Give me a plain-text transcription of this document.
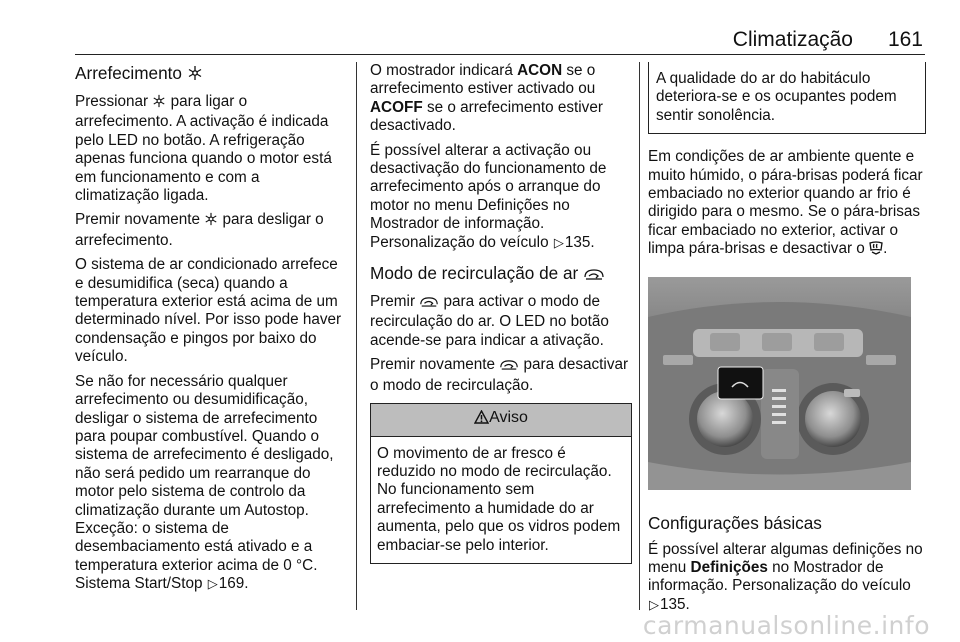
Climatização 161
Arrefecimento

Pressionar para ligar o arrefecimento. A activação é indicada pelo LED no botão. A refrigeração apenas funciona quando o motor está em funcionamento e com a climatização ligada.

Premir novamente para desligar o arrefecimento.

O sistema de ar condicionado arrefece e desumidifica (seca) quando a temperatura exterior está acima de um determinado nível. Por isso pode haver condensação e pingos por baixo do veículo.

Se não for necessário qualquer arrefecimento ou desumidificação, desligar o sistema de arrefecimento para poupar combustível. Quando o sistema de arrefecimento é desligado, não será pedido um rearranque do motor pelo sistema de controlo da climatização durante um Autostop. Exceção: o sistema de desembaciamento está ativado e a temperatura exterior acima de 0 °C. Sistema Start/Stop ▷169.

O mostrador indicará ACON se o arrefecimento estiver activado ou ACOFF se o arrefecimento estiver desactivado.

É possível alterar a activação ou desactivação do funcionamento de arrefecimento após o arranque do motor no menu Definições no Mostrador de informação. Personalização do veículo ▷135.

Modo de recirculação de ar

Premir para activar o modo de recirculação do ar. O LED no botão acende-se para indicar a ativação.

Premir novamente para desactivar o modo de recirculação.

Aviso
O movimento de ar fresco é reduzido no modo de recirculação. No funcionamento sem arrefecimento a humidade do ar aumenta, pelo que os vidros podem embaciar-se pelo interior.
A qualidade do ar do habitáculo deteriora-se e os ocupantes podem sentir sonolência.

Em condições de ar ambiente quente e muito húmido, o pára-brisas poderá ficar embaciado no exterior quando ar frio é dirigido para o mesmo. Se o pára-brisas ficar embaciado no exterior, activar o limpa pára-brisas e desactivar o .

Configurações básicas

É possível alterar algumas definições no menu Definições no Mostrador de informação. Personalização do veículo ▷135.

carmanualsonline.info
